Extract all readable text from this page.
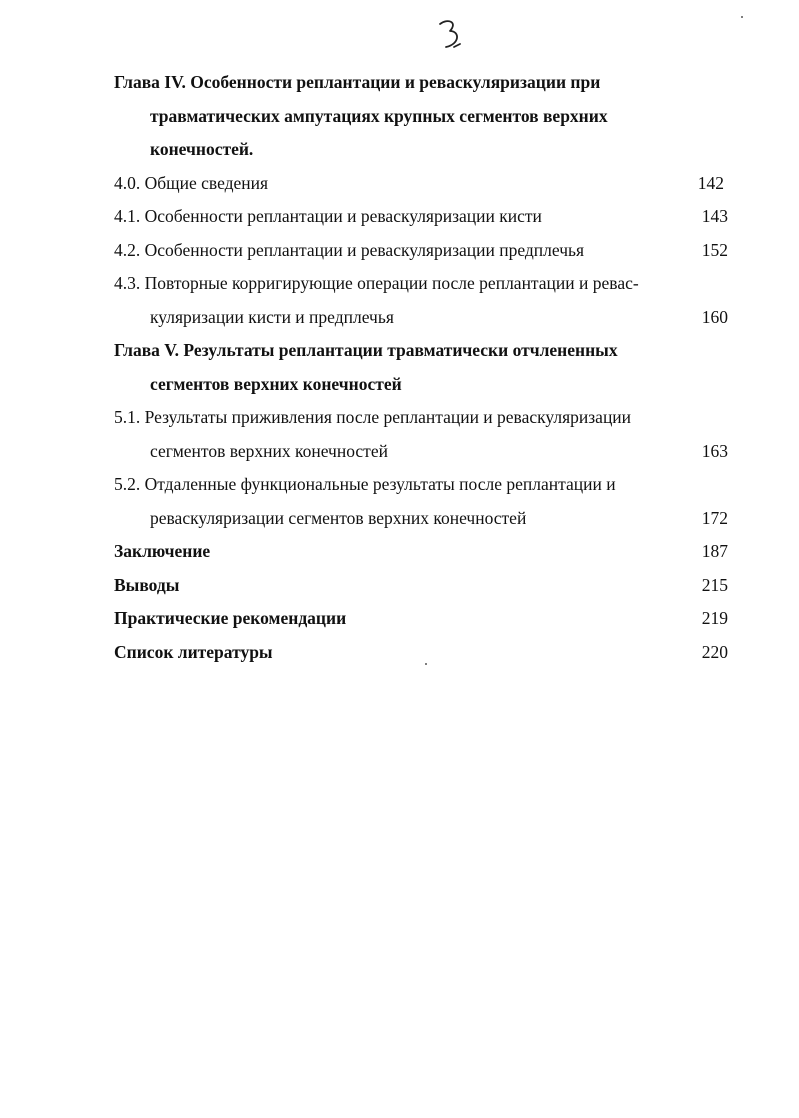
Глава IV. Особенности реплантации и реваскуляризации при
травматических ампутациях крупных сегментов верхних
конечностей.
4.0. Общие сведения	142
4.1. Особенности реплантации и реваскуляризации кисти	143
4.2. Особенности реплантации и реваскуляризации предплечья	152
4.3. Повторные корригирующие операции после реплантации и ревас-
куляризации кисти и предплечья	160
Глава V. Результаты реплантации травматически отчлененных
сегментов верхних конечностей
5.1. Результаты приживления после реплантации и реваскуляризации
сегментов верхних конечностей	163
5.2. Отдаленные функциональные результаты после реплантации и
реваскуляризации сегментов верхних конечностей	172
Заключение	187
Выводы	215
Практические рекомендации	219
Список литературы	220
